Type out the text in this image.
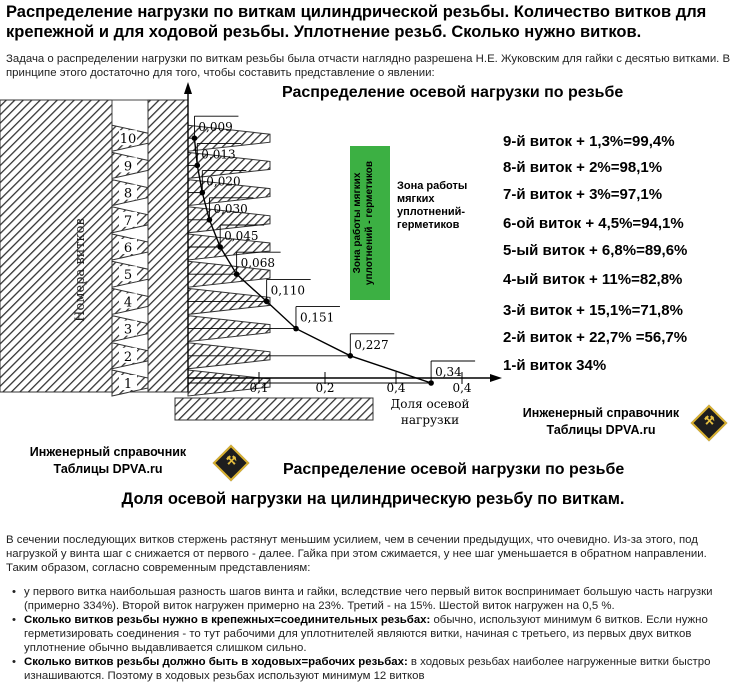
Распределение нагрузки по виткам цилиндрической резьбы. Количество витков для крепежной и для ходовой резьбы. Уплотнение резьб. Сколько нужно витков.
Задача о распределении нагрузки по виткам резьбы была отчасти наглядно разрешена Н.Е. Жуковским для гайки с десятью витками. В принципе этого достаточно для того, чтобы составить представление о явлении:
1
2
3
4
5
6
7
8
9
10
Номера витков
0,1	0,2	0,4	0,4
Доля осевой
нагрузки
0,34
0,227
0,151
0,110
0,068
0,045
0,030
0,020
0,013
0,009
Распределение осевой нагрузки по резьбе
Зона работы мягких уплотнений - герметиков	Зона работы мягких уплотнений-герметиков
9-й виток + 1,3%=99,4%
8-й виток + 2%=98,1%
7-й виток + 3%=97,1%
6-ой виток + 4,5%=94,1%
5-ый виток + 6,8%=89,6%
4-ый виток + 11%=82,8%
3-й виток + 15,1%=71,8%
2-й виток + 22,7% =56,7%
1-й виток 34%
Инженерный справочник
Таблицы DPVA.ru
⚒
Инженерный справочник
Таблицы DPVA.ru
⚒
Распределение осевой нагрузки по резьбе
Доля осевой нагрузки на цилиндрическую резьбу по виткам.
В сечении последующих витков стержень растянут меньшим усилием, чем в сечении предыдущих, что очевидно. Из-за этого, под нагрузкой у винта шаг с снижается от первого - далее. Гайка при этом сжимается, у нее шаг уменьшается в обратном направлении. Таким образом, согласно современным представлениям:
• у первого витка наибольшая разность шагов винта и гайки, вследствие чего первый виток воспринимает большую часть нагрузки (примерно 334%). Второй виток нагружен примерно на 23%. Третий - на 15%. Шестой виток нагружен на 0,5 %.
• Сколько витков резьбы нужно в крепежных=соединительных резьбах: обычно, используют минимум 6 витков. Если нужно герметизировать соединения - то тут рабочими для уплотнителей являются витки, начиная с третьего, из первых двух витков уплотнение обычно выдавливается слишком сильно.
• Сколько витков резьбы должно быть в ходовых=рабочих резьбах: в ходовых резьбах наиболее нагруженные витки быстро изнашиваются. Поэтому в ходовых резьбах используют минимум 12 витков
